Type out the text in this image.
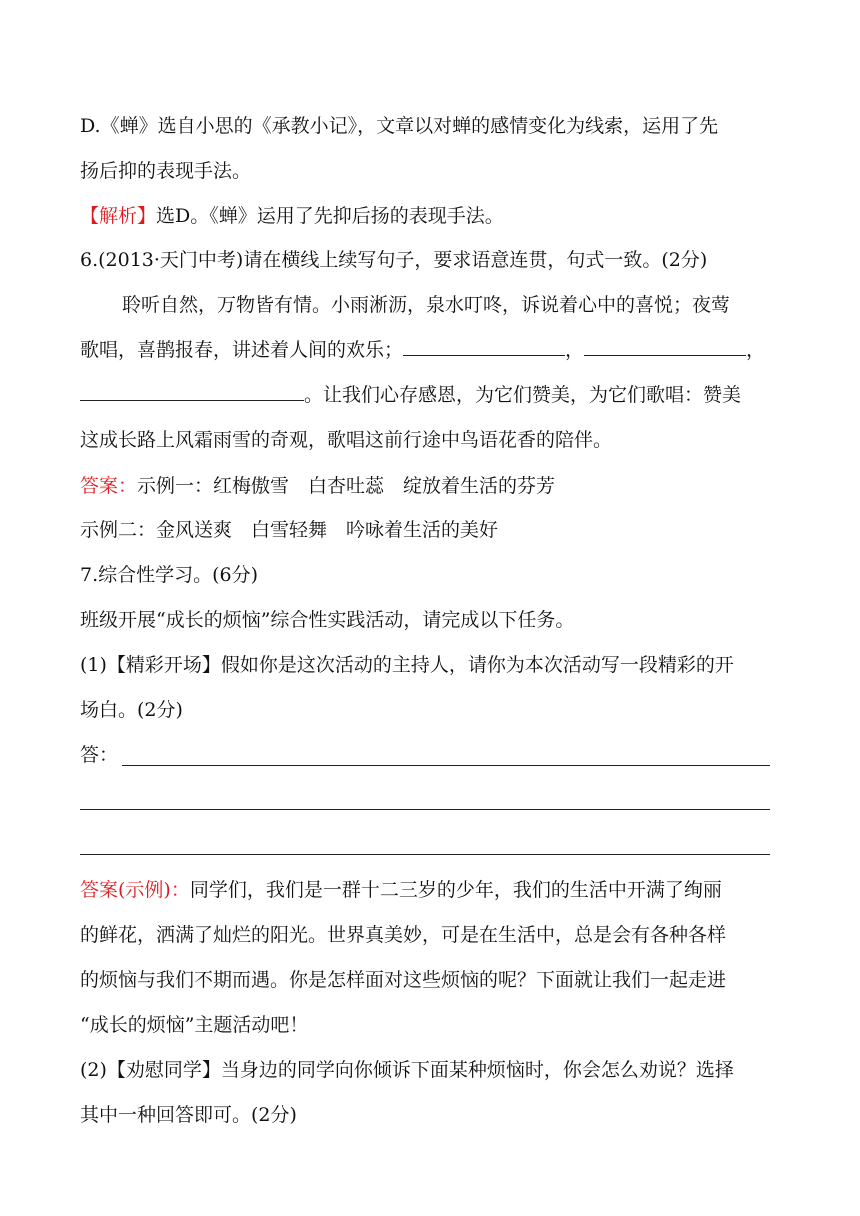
D.《蝉》选自小思的《承教小记》，文章以对蝉的感情变化为线索，运用了先
扬后抑的表现手法。
【解析】选D。《蝉》运用了先抑后扬的表现手法。
6.(2013·天门中考)请在横线上续写句子，要求语意连贯，句式一致。(2分)
聆听自然，万物皆有情。小雨淅沥，泉水叮咚，诉说着心中的喜悦；夜莺
歌唱，喜鹊报春，讲述着人间的欢乐；	，	，
。让我们心存感恩，为它们赞美，为它们歌唱：赞美
这成长路上风霜雨雪的奇观，歌唱这前行途中鸟语花香的陪伴。
答案：示例一：红梅傲雪　白杏吐蕊　绽放着生活的芬芳
示例二：金风送爽　白雪轻舞　吟咏着生活的美好
7.综合性学习。(6分)
班级开展“成长的烦恼”综合性实践活动，请完成以下任务。
(1)【精彩开场】假如你是这次活动的主持人，请你为本次活动写一段精彩的开
场白。(2分)
答：
答案(示例)：同学们，我们是一群十二三岁的少年，我们的生活中开满了绚丽
的鲜花，洒满了灿烂的阳光。世界真美妙，可是在生活中，总是会有各种各样
的烦恼与我们不期而遇。你是怎样面对这些烦恼的呢？下面就让我们一起走进
“成长的烦恼”主题活动吧！
(2)【劝慰同学】当身边的同学向你倾诉下面某种烦恼时，你会怎么劝说？选择
其中一种回答即可。(2分)
